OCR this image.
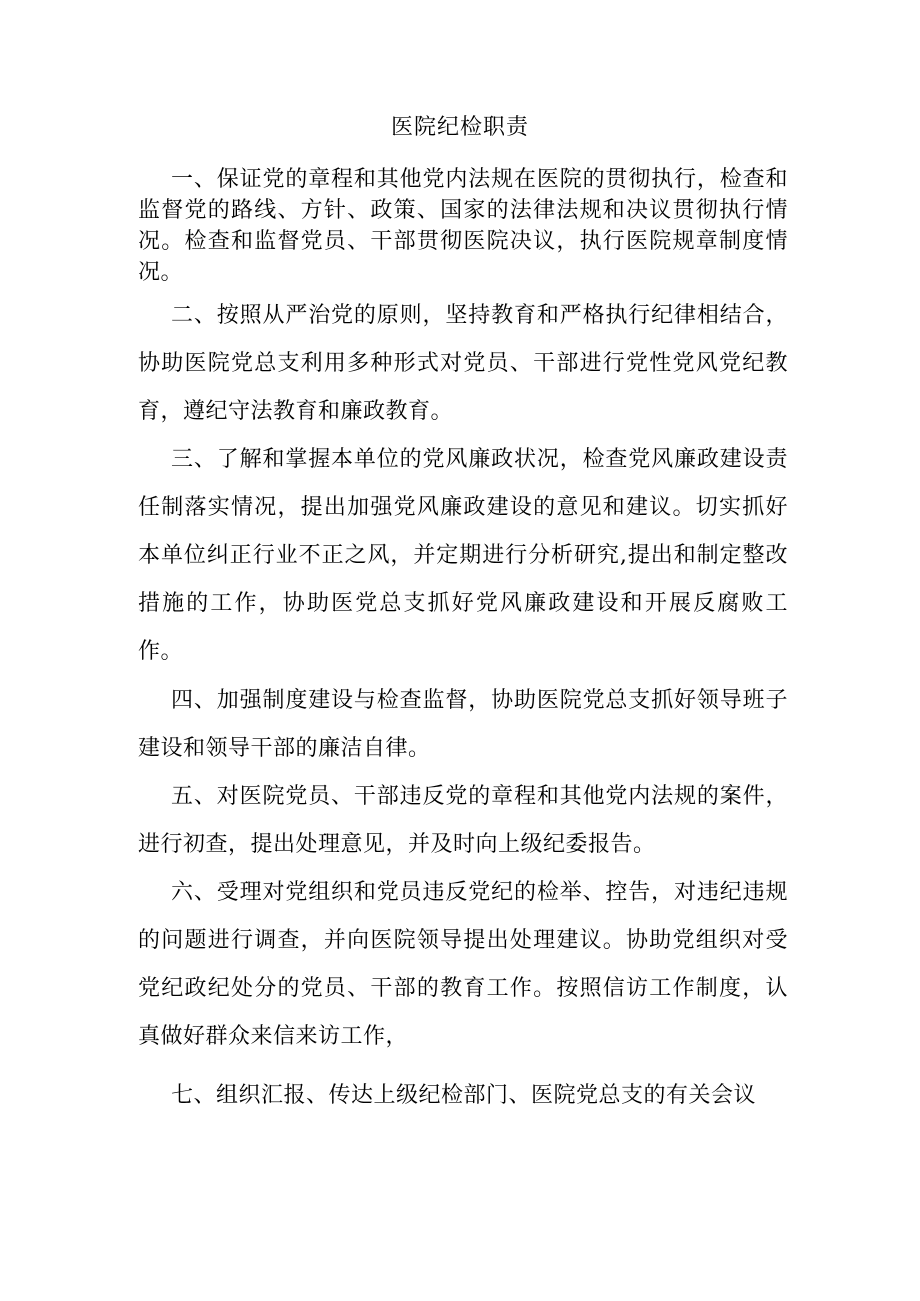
医院纪检职责

一、保证党的章程和其他党内法规在医院的贯彻执行，检查和监督党的路线、方针、政策、国家的法律法规和决议贯彻执行情况。检查和监督党员、干部贯彻医院决议，执行医院规章制度情况。

二、按照从严治党的原则，坚持教育和严格执行纪律相结合，协助医院党总支利用多种形式对党员、干部进行党性党风党纪教育，遵纪守法教育和廉政教育。

三、了解和掌握本单位的党风廉政状况，检查党风廉政建设责任制落实情况，提出加强党风廉政建设的意见和建议。切实抓好本单位纠正行业不正之风，并定期进行分析研究,提出和制定整改措施的工作，协助医党总支抓好党风廉政建设和开展反腐败工作。

四、加强制度建设与检查监督，协助医院党总支抓好领导班子建设和领导干部的廉洁自律。

五、对医院党员、干部违反党的章程和其他党内法规的案件，进行初查，提出处理意见，并及时向上级纪委报告。

六、受理对党组织和党员违反党纪的检举、控告，对违纪违规的问题进行调查，并向医院领导提出处理建议。协助党组织对受党纪政纪处分的党员、干部的教育工作。按照信访工作制度，认真做好群众来信来访工作，

七、组织汇报、传达上级纪检部门、医院党总支的有关会议
